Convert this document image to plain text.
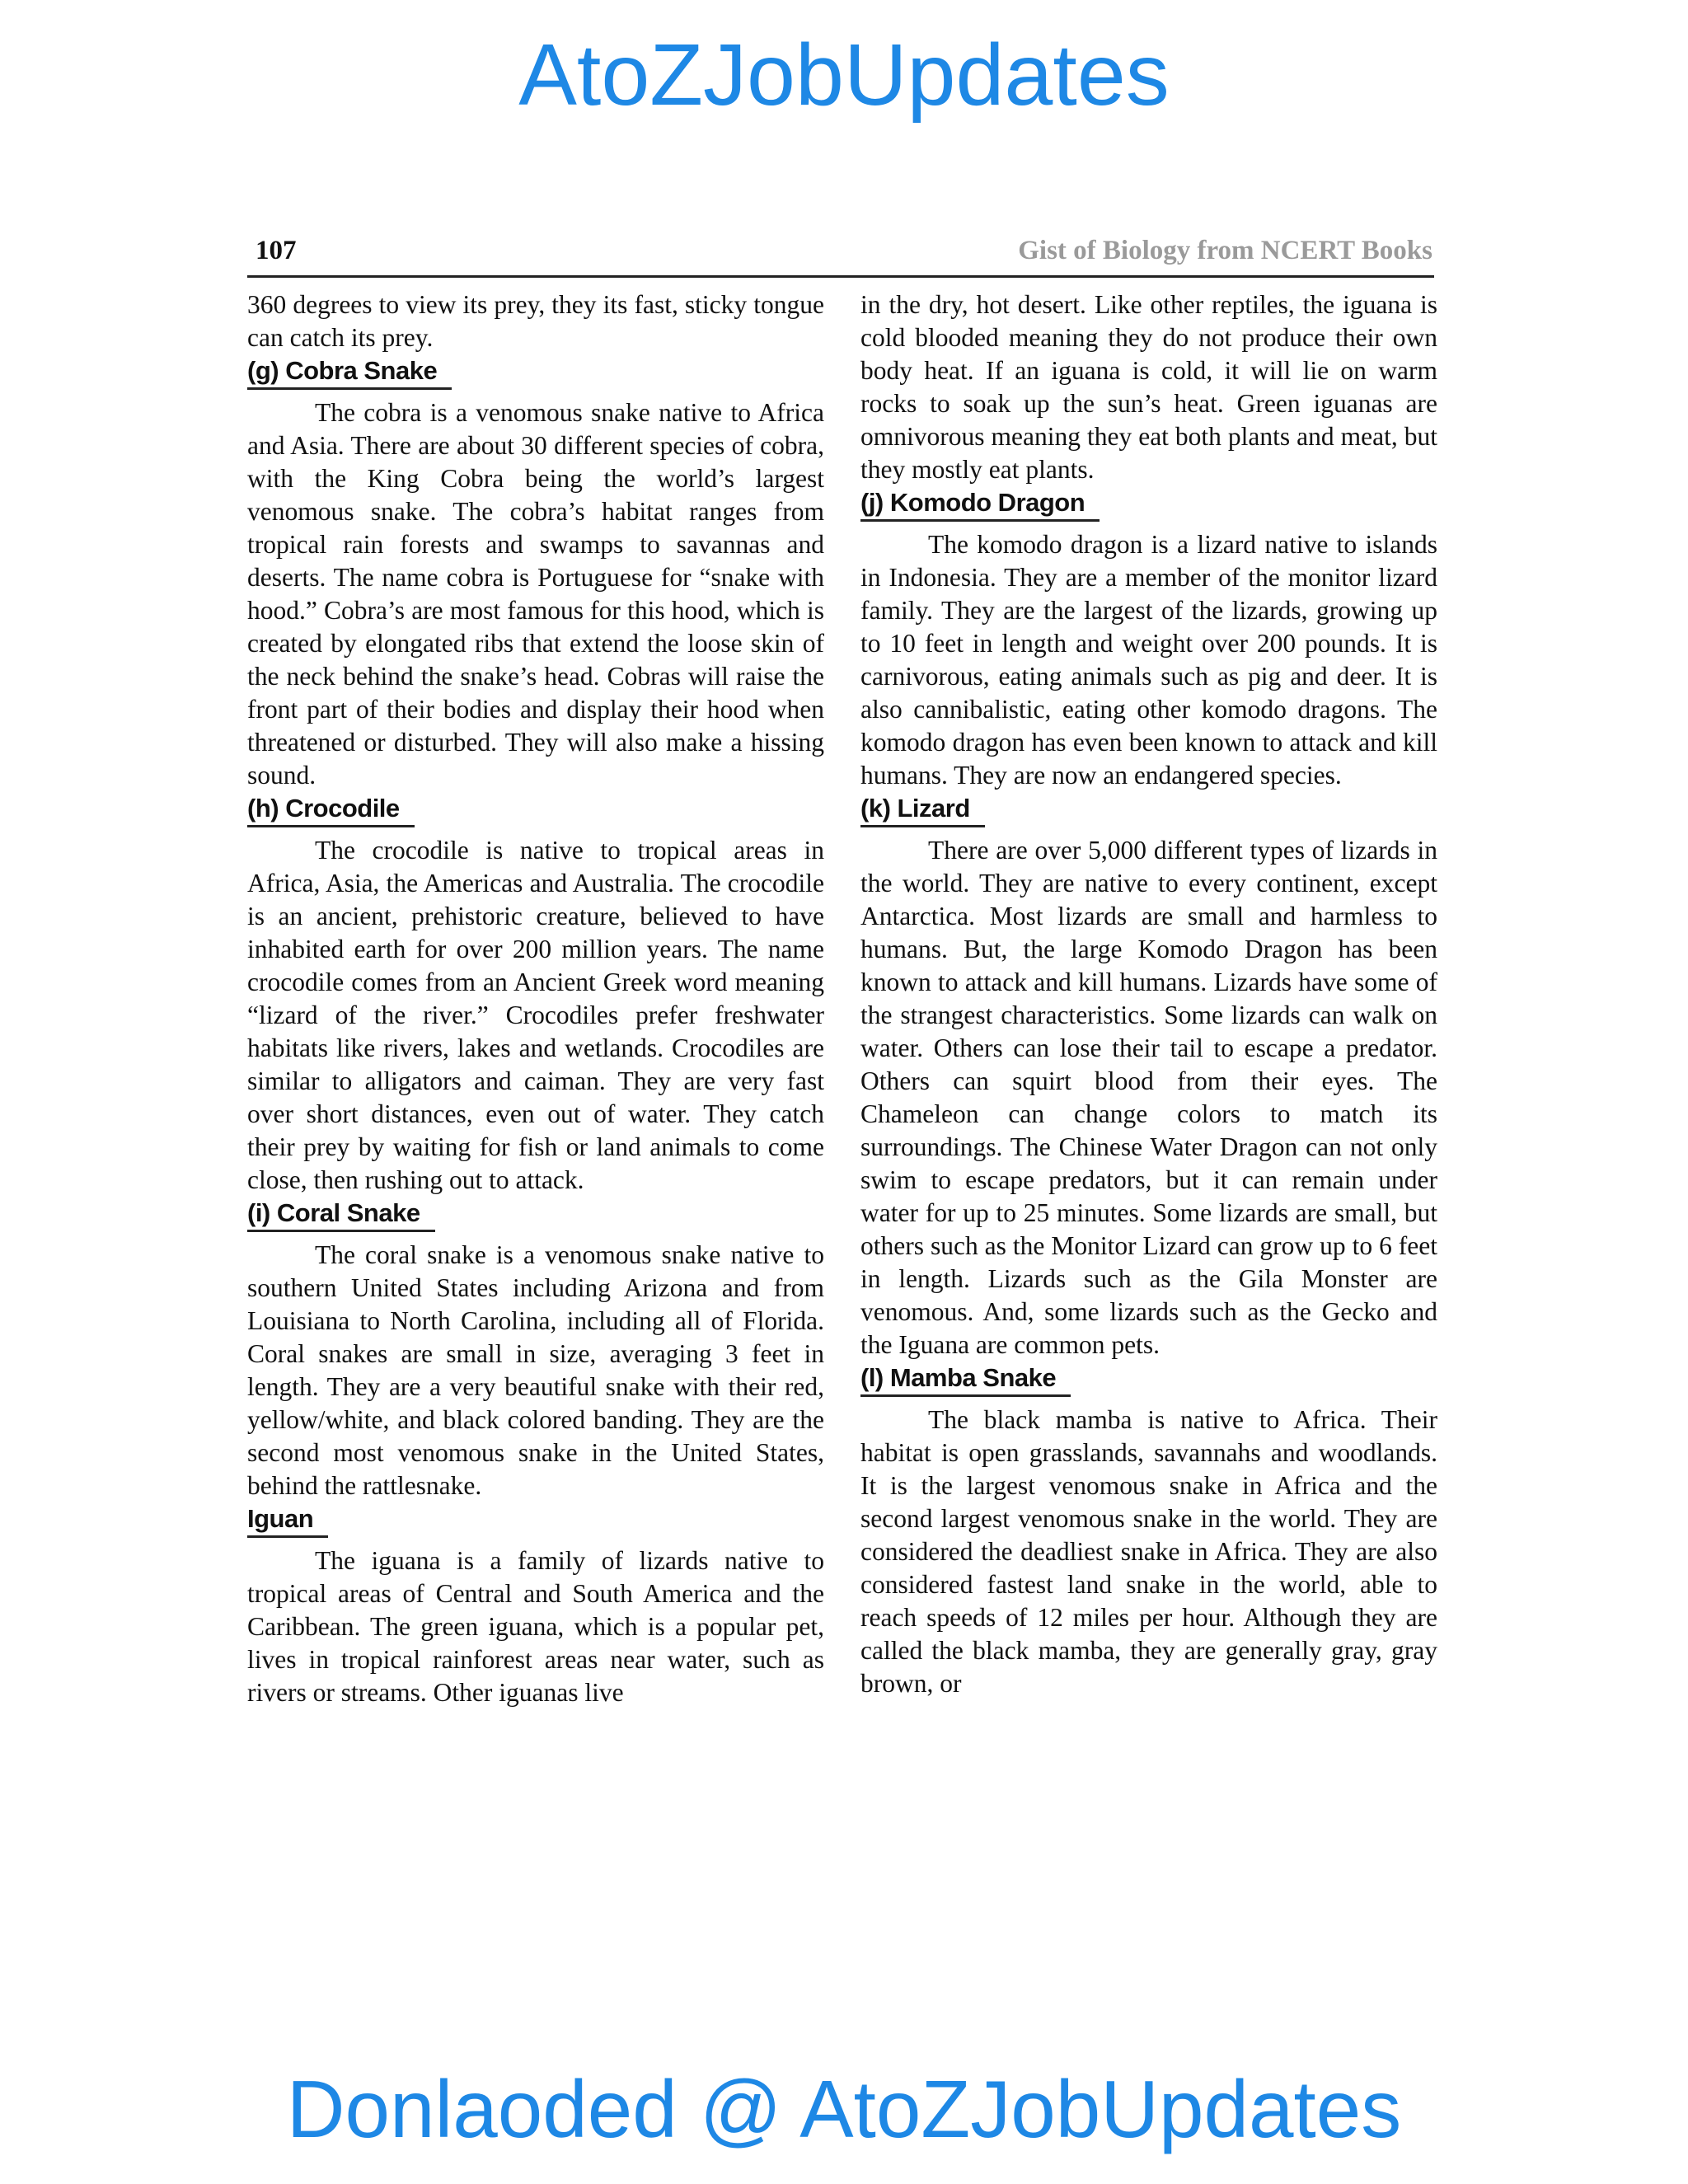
AtoZJobUpdates
107	Gist of Biology from NCERT Books

360 degrees to view its prey, they its fast, sticky tongue can catch its prey.

(g) Cobra Snake

The cobra is a venomous snake native to Africa and Asia. There are about 30 different species of cobra, with the King Cobra being the world’s largest venomous snake. The cobra’s habitat ranges from tropical rain forests and swamps to savannas and deserts. The name cobra is Portuguese for “snake with hood.” Cobra’s are most famous for this hood, which is created by elongated ribs that extend the loose skin of the neck behind the snake’s head. Cobras will raise the front part of their bodies and display their hood when threatened or disturbed. They will also make a hissing sound.

(h) Crocodile

The crocodile is native to tropical areas in Africa, Asia, the Americas and Australia. The crocodile is an ancient, prehistoric creature, believed to have inhabited earth for over 200 million years. The name crocodile comes from an Ancient Greek word meaning “lizard of the river.” Crocodiles prefer freshwater habitats like rivers, lakes and wetlands. Crocodiles are similar to alligators and caiman. They are very fast over short distances, even out of water. They catch their prey by waiting for fish or land animals to come close, then rushing out to attack.

(i) Coral Snake

The coral snake is a venomous snake native to southern United States including Arizona and from Louisiana to North Carolina, including all of Florida. Coral snakes are small in size, averaging 3 feet in length. They are a very beautiful snake with their red, yellow/white, and black colored banding. They are the second most venomous snake in the United States, behind the rattlesnake.

Iguan

The iguana is a family of lizards native to tropical areas of Central and South America and the Caribbean. The green iguana, which is a popular pet, lives in tropical rainforest areas near water, such as rivers or streams. Other iguanas live

in the dry, hot desert. Like other reptiles, the iguana is cold blooded meaning they do not produce their own body heat. If an iguana is cold, it will lie on warm rocks to soak up the sun’s heat. Green iguanas are omnivorous meaning they eat both plants and meat, but they mostly eat plants.

(j) Komodo Dragon

The komodo dragon is a lizard native to islands in Indonesia. They are a member of the monitor lizard family. They are the largest of the lizards, growing up to 10 feet in length and weight over 200 pounds. It is carnivorous, eating animals such as pig and deer. It is also cannibalistic, eating other komodo dragons. The komodo dragon has even been known to attack and kill humans. They are now an endangered species.

(k) Lizard

There are over 5,000 different types of lizards in the world. They are native to every continent, except Antarctica. Most lizards are small and harmless to humans. But, the large Komodo Dragon has been known to attack and kill humans. Lizards have some of the strangest characteristics. Some lizards can walk on water. Others can lose their tail to escape a predator. Others can squirt blood from their eyes. The Chameleon can change colors to match its surroundings. The Chinese Water Dragon can not only swim to escape predators, but it can remain under water for up to 25 minutes. Some lizards are small, but others such as the Monitor Lizard can grow up to 6 feet in length. Lizards such as the Gila Monster are venomous. And, some lizards such as the Gecko and the Iguana are common pets.

(l) Mamba Snake

The black mamba is native to Africa. Their habitat is open grasslands, savannahs and woodlands. It is the largest venomous snake in Africa and the second largest venomous snake in the world. They are considered the deadliest snake in Africa. They are also considered fastest land snake in the world, able to reach speeds of 12 miles per hour. Although they are called the black mamba, they are generally gray, gray brown, or

Donlaoded @ AtoZJobUpdates
